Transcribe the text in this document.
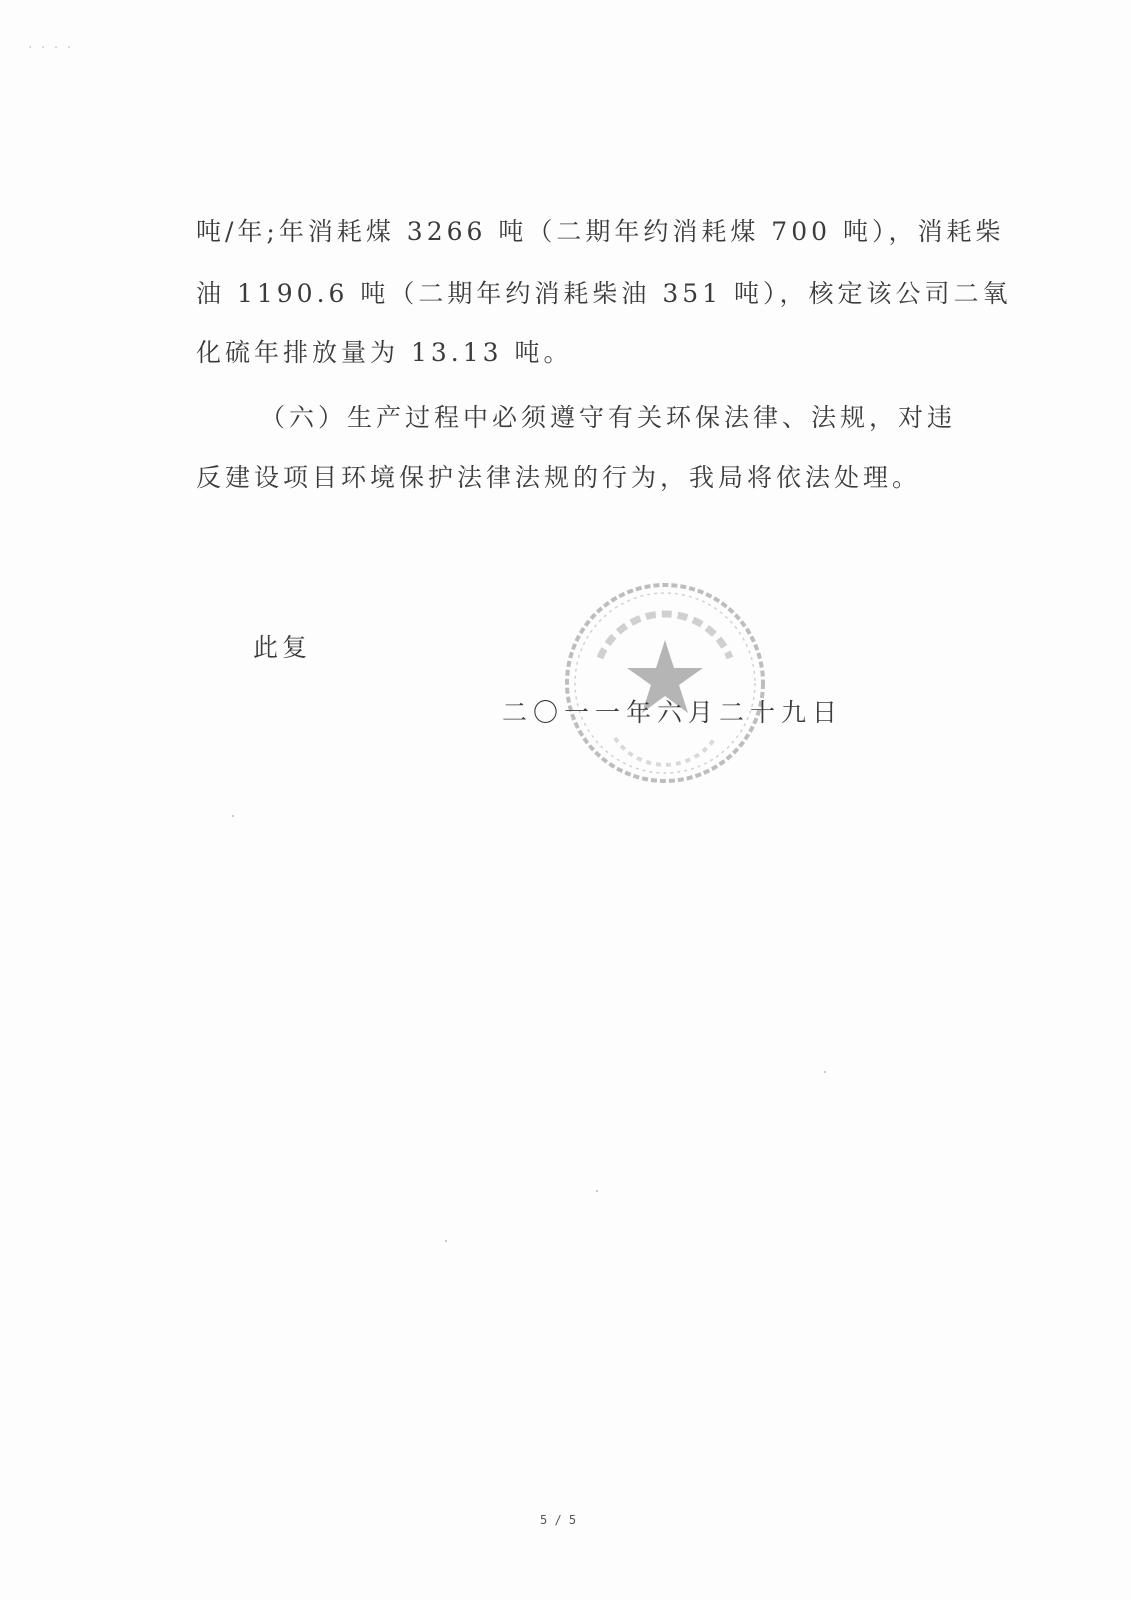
· · · ·
吨/年;年消耗煤 3266 吨（二期年约消耗煤 700 吨），消耗柴
油 1190.6 吨（二期年约消耗柴油 351 吨），核定该公司二氧
化硫年排放量为 13.13 吨。
（六）生产过程中必须遵守有关环保法律、法规，对违
反建设项目环境保护法律法规的行为，我局将依法处理。
此复
二〇一一年六月二十九日
5 / 5
